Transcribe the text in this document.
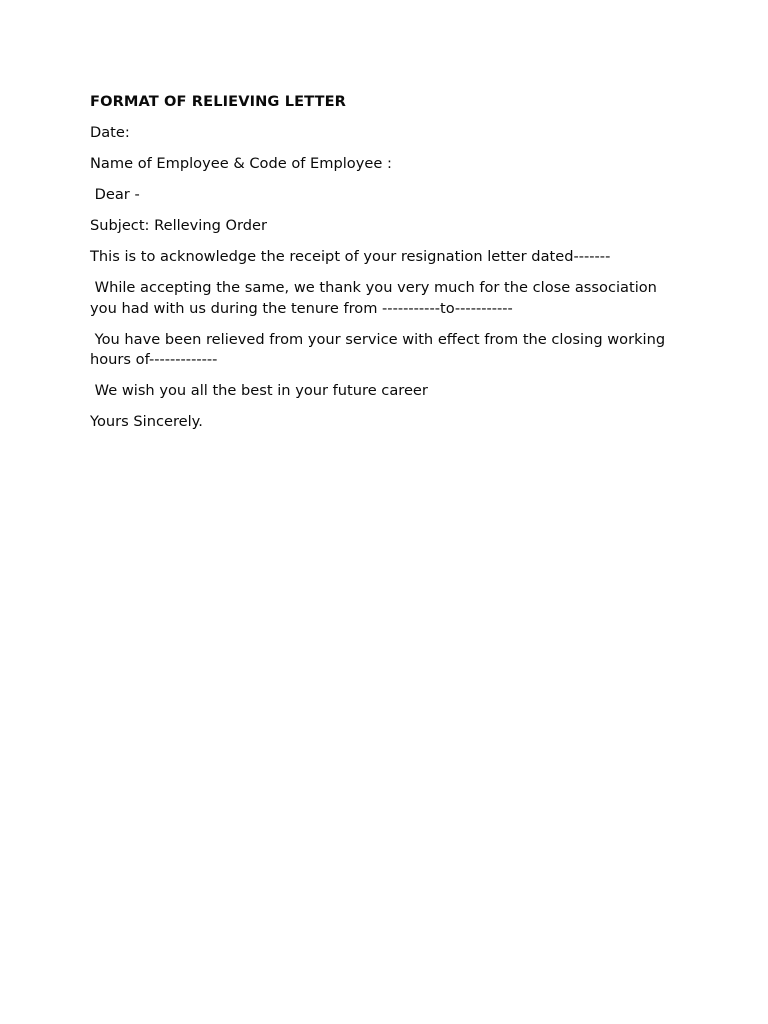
FORMAT OF RELIEVING LETTER

Date:

Name of Employee & Code of Employee :

Dear -

Subject: Relleving Order

This is to acknowledge the receipt of your resignation letter dated-------

While accepting the same, we thank you very much for the close association you had with us during the tenure from -----------to-----------

You have been relieved from your service with effect from the closing working hours of-------------

We wish you all the best in your future career

Yours Sincerely.
